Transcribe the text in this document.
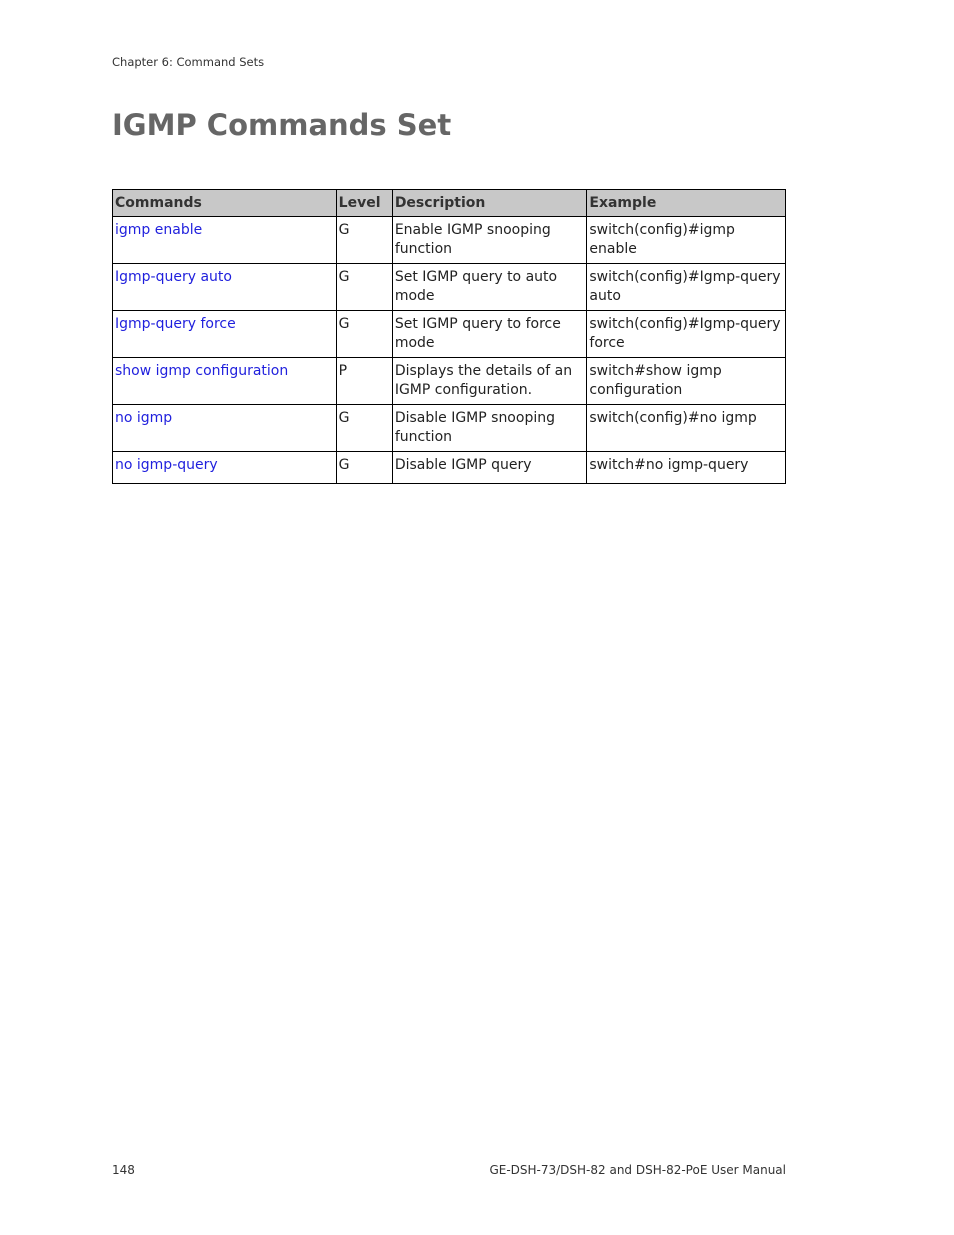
Chapter 6: Command Sets
IGMP Commands Set
Commands	Level	Description	Example
igmp enable	G	Enable IGMP snooping function	switch(config)#igmp enable
Igmp-query auto	G	Set IGMP query to auto mode	switch(config)#Igmp-query auto
Igmp-query force	G	Set IGMP query to force mode	switch(config)#Igmp-query force
show igmp configuration	P	Displays the details of an IGMP configuration.	switch#show igmp configuration
no igmp	G	Disable IGMP snooping function	switch(config)#no igmp
no igmp-query	G	Disable IGMP query	switch#no igmp-query
148	GE-DSH-73/DSH-82 and DSH-82-PoE User Manual
